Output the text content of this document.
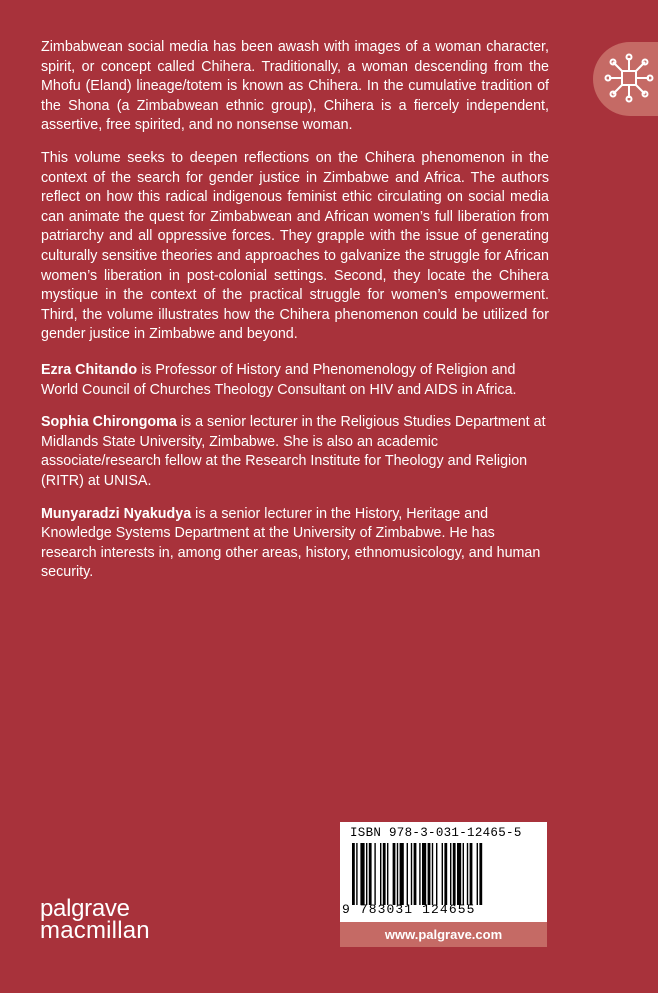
Zimbabwean social media has been awash with images of a woman character, spirit, or concept called Chihera. Traditionally, a woman descending from the Mhofu (Eland) lineage/totem is known as Chihera. In the cumulative tradition of the Shona (a Zimbabwean ethnic group), Chihera is a fiercely independent, assertive, free spirited, and no nonsense woman.

This volume seeks to deepen reflections on the Chihera phenomenon in the context of the search for gender justice in Zimbabwe and Africa. The authors reflect on how this radical indigenous feminist ethic circulating on social media can animate the quest for Zimbabwean and African women’s full liberation from patriarchy and all oppressive forces. They grapple with the issue of generating culturally sensitive theories and approaches to galvanize the struggle for African women’s liberation in post-colonial settings. Second, they locate the Chihera mystique in the context of the practical struggle for women’s empowerment. Third, the volume illustrates how the Chihera phenomenon could be utilized for gender justice in Zimbabwe and beyond.

Ezra Chitando is Professor of History and Phenomenology of Religion and World Council of Churches Theology Consultant on HIV and AIDS in Africa.

Sophia Chirongoma is a senior lecturer in the Religious Studies Department at Midlands State University, Zimbabwe. She is also an academic associate/research fellow at the Research Institute for Theology and Religion (RITR) at UNISA.

Munyaradzi Nyakudya is a senior lecturer in the History, Heritage and Knowledge Systems Department at the University of Zimbabwe. He has research interests in, among other areas, history, ethnomusicology, and human security.

ISBN 978-3-031-12465-5
9 783031 124655
www.palgrave.com
palgrave
macmillan
